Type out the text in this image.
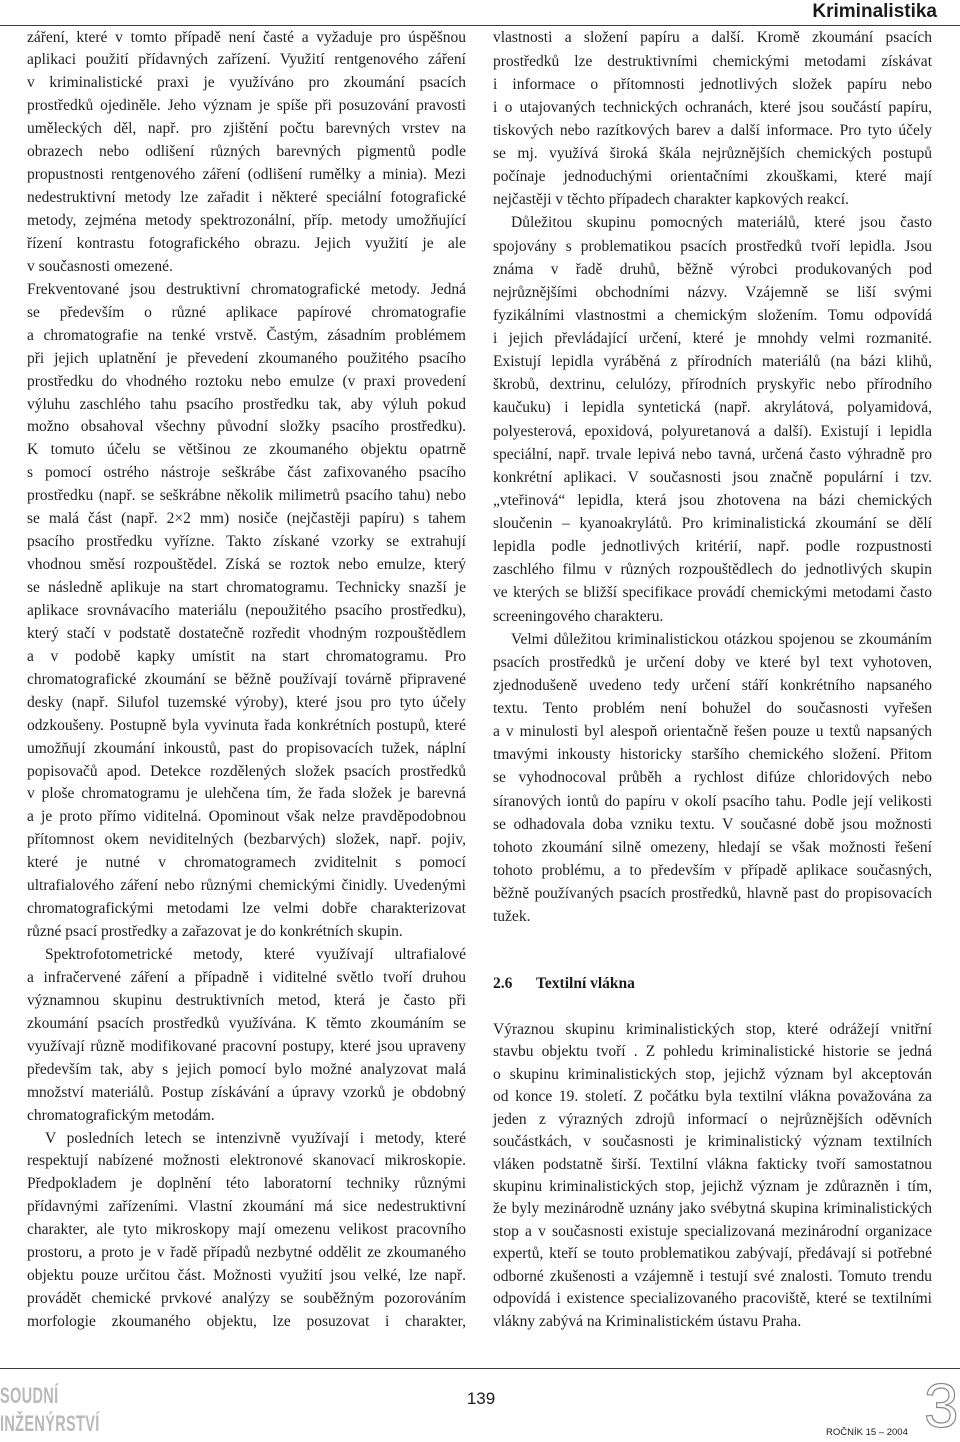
Kriminalistika
záření, které v tomto případě není časté a vyžaduje pro úspěšnou
aplikaci použití přídavných zařízení. Využití rentgenového záření
v kriminalistické praxi je využíváno pro zkoumání psacích
prostředků ojediněle. Jeho význam je spíše při posuzování pravosti
uměleckých děl, např. pro zjištění počtu barevných vrstev na
obrazech nebo odlišení různých barevných pigmentů podle
propustnosti rentgenového záření (odlišení rumělky a minia). Mezi
nedestruktivní metody lze zařadit i některé speciální fotografické
metody, zejména metody spektrozonální, příp. metody umožňující
řízení kontrastu fotografického obrazu. Jejich využití je ale
v současnosti omezené.
Frekventované jsou destruktivní chromatografické metody. Jedná
se především o různé aplikace papírové chromatografie
a chromatografie na tenké vrstvě. Častým, zásadním problémem
při jejich uplatnění je převedení zkoumaného použitého psacího
prostředku do vhodného roztoku nebo emulze (v praxi provedení
výluhu zaschlého tahu psacího prostředku tak, aby výluh pokud
možno obsahoval všechny původní složky psacího prostředku).
K tomuto účelu se většinou ze zkoumaného objektu opatrně
s pomocí ostrého nástroje seškrábe část zafixovaného psacího
prostředku (např. se seškrábne několik milimetrů psacího tahu) nebo
se malá část (např. 2×2 mm) nosiče (nejčastěji papíru) s tahem
psacího prostředku vyřízne. Takto získané vzorky se extrahují
vhodnou směsí rozpouštědel. Získá se roztok nebo emulze, který
se následně aplikuje na start chromatogramu. Technicky snazší je
aplikace srovnávacího materiálu (nepoužitého psacího prostředku),
který stačí v podstatě dostatečně rozředit vhodným rozpouštědlem
a v podobě kapky umístit na start chromatogramu. Pro
chromatografické zkoumání se běžně používají továrně připravené
desky (např. Silufol tuzemské výroby), které jsou pro tyto účely
odzkoušeny. Postupně byla vyvinuta řada konkrétních postupů, které
umožňují zkoumání inkoustů, past do propisovacích tužek, náplní
popisovačů apod. Detekce rozdělených složek psacích prostředků
v ploše chromatogramu je ulehčena tím, že řada složek je barevná
a je proto přímo viditelná. Opominout však nelze pravděpodobnou
přítomnost okem neviditelných (bezbarvých) složek, např. pojiv,
které je nutné v chromatogramech zviditelnit s pomocí
ultrafialového záření nebo různými chemickými činidly. Uvedenými
chromatografickými metodami lze velmi dobře charakterizovat
různé psací prostředky a zařazovat je do konkrétních skupin.
Spektrofotometrické metody, které využívají ultrafialové
a infračervené záření a případně i viditelné světlo tvoří druhou
významnou skupinu destruktivních metod, která je často při
zkoumání psacích prostředků využívána. K těmto zkoumáním se
využívají různě modifikované pracovní postupy, které jsou upraveny
především tak, aby s jejich pomocí bylo možné analyzovat malá
množství materiálů. Postup získávání a úpravy vzorků je obdobný
chromatografickým metodám.
V posledních letech se intenzivně využívají i metody, které
respektují nabízené možnosti elektronové skanovací mikroskopie.
Předpokladem je doplnění této laboratorní techniky různými
přídavnými zařízeními. Vlastní zkoumání má sice nedestruktivní
charakter, ale tyto mikroskopy mají omezenu velikost pracovního
prostoru, a proto je v řadě případů nezbytné oddělit ze zkoumaného
objektu pouze určitou část. Možnosti využití jsou velké, lze např.
provádět chemické prvkové analýzy se souběžným pozorováním
morfologie zkoumaného objektu, lze posuzovat i charakter,
vlastnosti a složení papíru a další. Kromě zkoumání psacích
prostředků lze destruktivními chemickými metodami získávat
i informace o přítomnosti jednotlivých složek papíru nebo
i o utajovaných technických ochranách, které jsou součástí papíru,
tiskových nebo razítkových barev a další informace. Pro tyto účely
se mj. využívá široká škála nejrůznějších chemických postupů
počínaje jednoduchými orientačními zkouškami, které mají
nejčastěji v těchto případech charakter kapkových reakcí.
Důležitou skupinu pomocných materiálů, které jsou často
spojovány s problematikou psacích prostředků tvoří lepidla. Jsou
známa v řadě druhů, běžně výrobci produkovaných pod
nejrůznějšími obchodními názvy. Vzájemně se liší svými
fyzikálními vlastnostmi a chemickým složením. Tomu odpovídá
i jejich převládající určení, které je mnohdy velmi rozmanité.
Existují lepidla vyráběná z přírodních materiálů (na bázi klihů,
škrobů, dextrinu, celulózy, přírodních pryskyřic nebo přírodního
kaučuku) i lepidla syntetická (např. akrylátová, polyamidová,
polyesterová, epoxidová, polyuretanová a další). Existují i lepidla
speciální, např. trvale lepivá nebo tavná, určená často výhradně pro
konkrétní aplikaci. V současnosti jsou značně populární i tzv.
„vteřinová“ lepidla, která jsou zhotovena na bázi chemických
sloučenin – kyanoakrylátů. Pro kriminalistická zkoumání se dělí
lepidla podle jednotlivých kritérií, např. podle rozpustnosti
zaschlého filmu v různých rozpouštědlech do jednotlivých skupin
ve kterých se bližší specifikace provádí chemickými metodami často
screeningového charakteru.
Velmi důležitou kriminalistickou otázkou spojenou se zkoumáním
psacích prostředků je určení doby ve které byl text vyhotoven,
zjednodušeně uvedeno tedy určení stáří konkrétního napsaného
textu. Tento problém není bohužel do současnosti vyřešen
a v minulosti byl alespoň orientačně řešen pouze u textů napsaných
tmavými inkousty historicky staršího chemického složení. Přitom
se vyhodnocoval průběh a rychlost difúze chloridových nebo
síranových iontů do papíru v okolí psacího tahu. Podle její velikosti
se odhadovala doba vzniku textu. V současné době jsou možnosti
tohoto zkoumání silně omezeny, hledají se však možnosti řešení
tohoto problému, a to především v případě aplikace současných,
běžně používaných psacích prostředků, hlavně past do propisovacích
tužek.
2.6 Textilní vlákna
Výraznou skupinu kriminalistických stop, které odrážejí vnitřní
stavbu objektu tvoří . Z pohledu kriminalistické historie se jedná
o skupinu kriminalistických stop, jejichž význam byl akceptován
od konce 19. století. Z počátku byla textilní vlákna považována za
jeden z výrazných zdrojů informací o nejrůznějších oděvních
součástkách, v současnosti je kriminalistický význam textilních
vláken podstatně širší. Textilní vlákna fakticky tvoří samostatnou
skupinu kriminalistických stop, jejichž význam je zdůrazněn i tím,
že byly mezinárodně uznány jako svébytná skupina kriminalistických
stop a v současnosti existuje specializovaná mezinárodní organizace
expertů, kteří se touto problematikou zabývají, předávají si potřebné
odborné zkušenosti a vzájemně i testují své znalosti. Tomuto trendu
odpovídá i existence specializovaného pracoviště, které se textilními
vlákny zabývá na Kriminalistickém ústavu Praha.
SOUDNÍ
INŽENÝRSTVÍ
139
ROČNÍK 15 – 2004 3
